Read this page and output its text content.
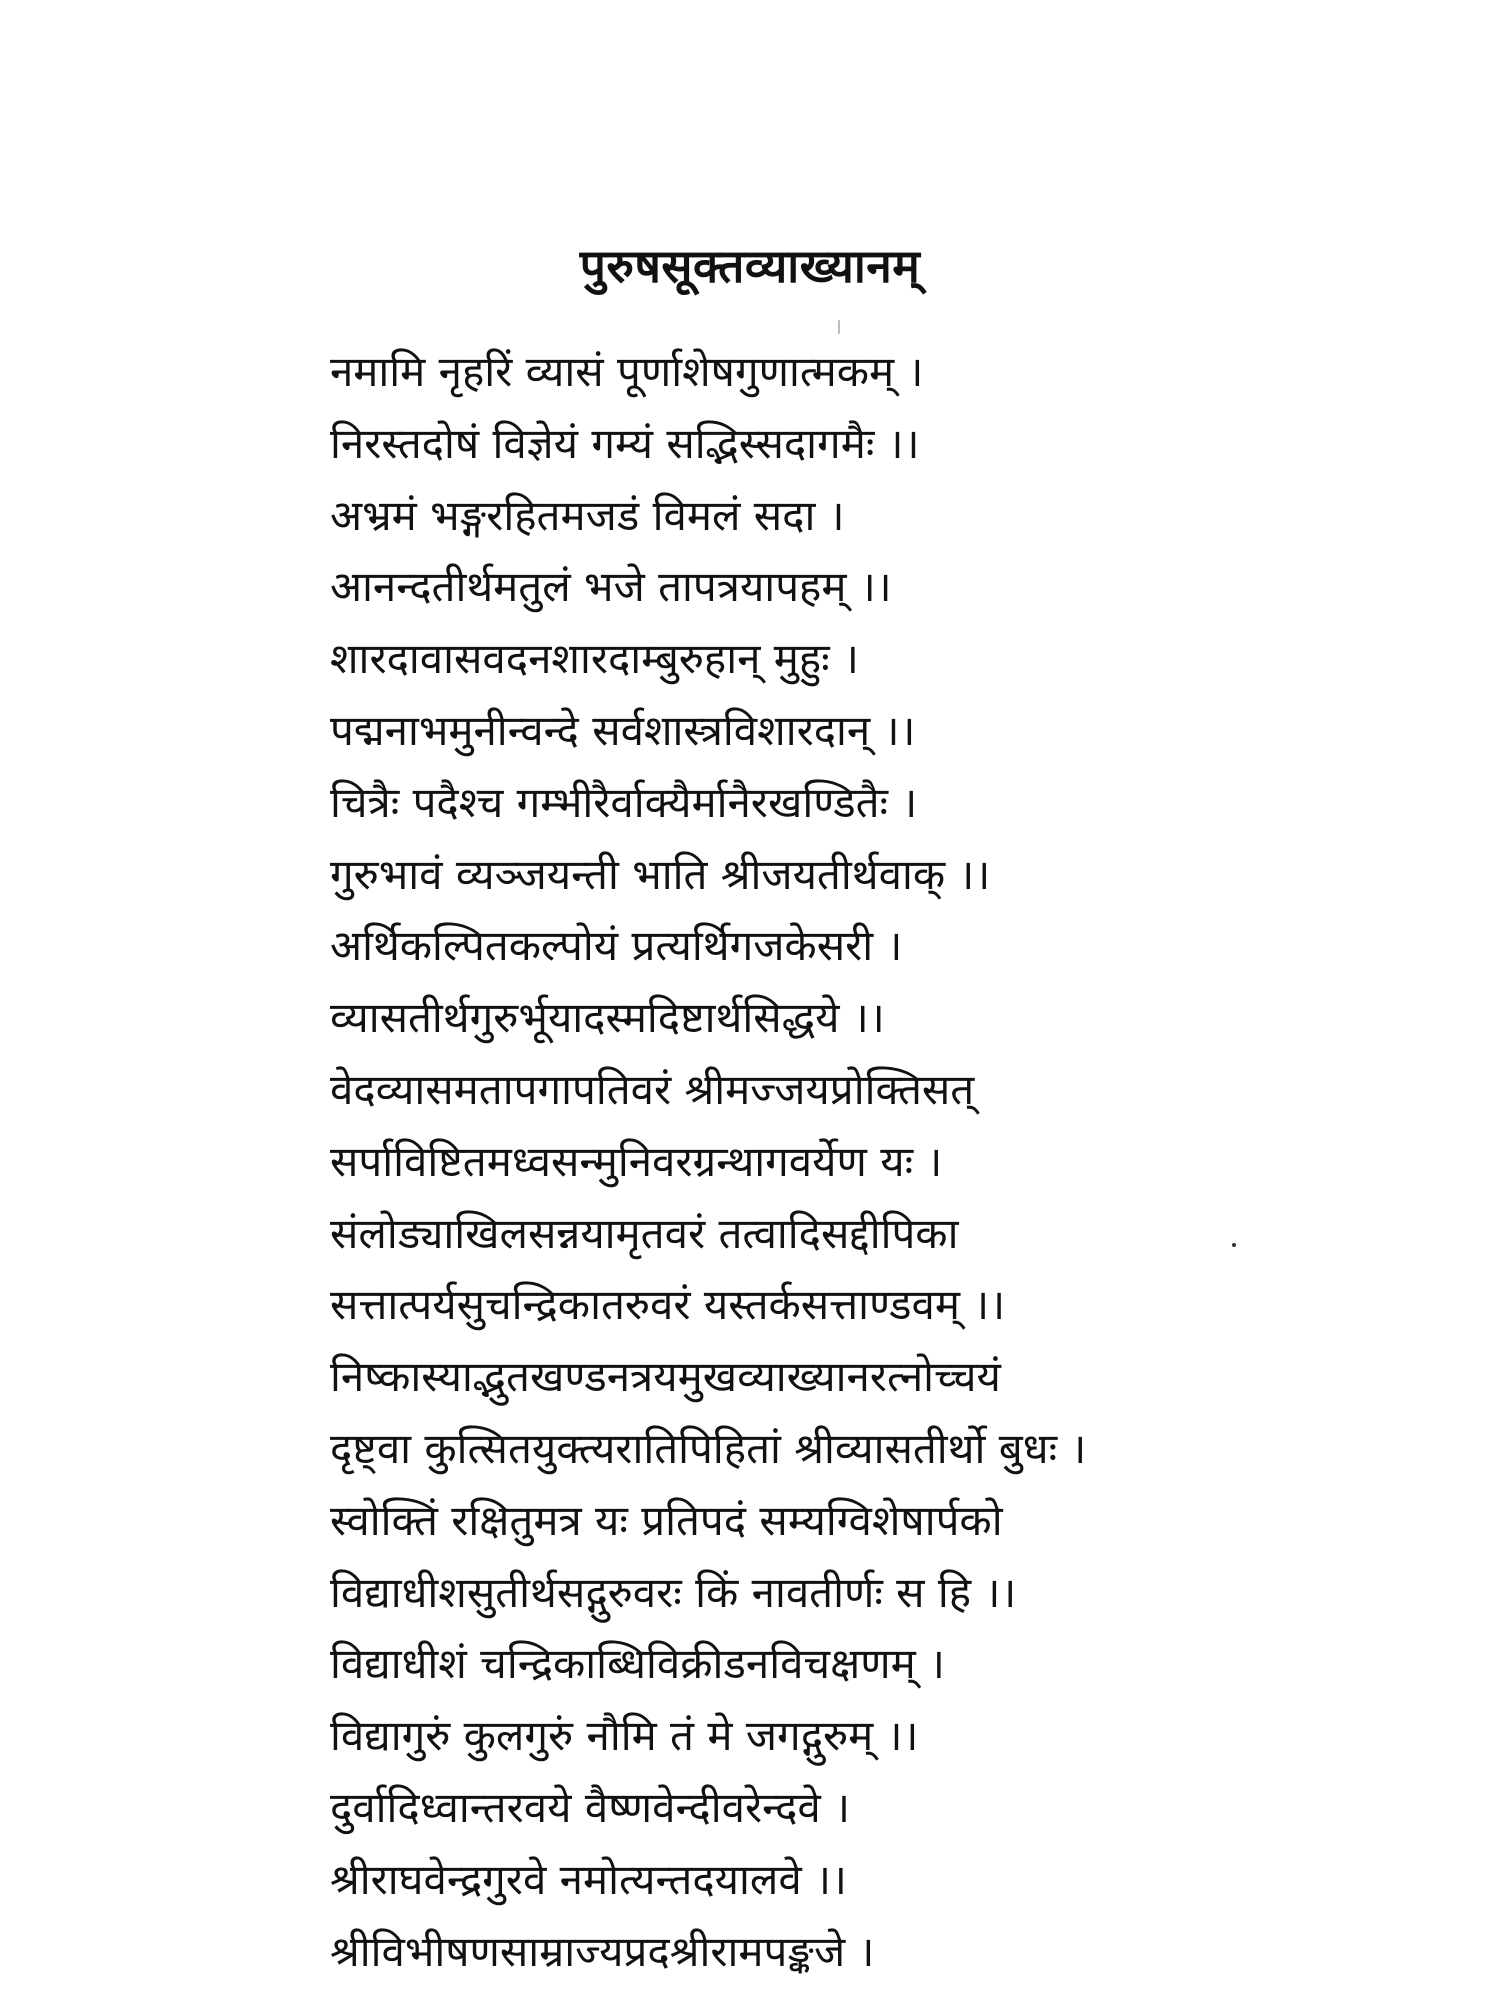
पुरुषसूक्तव्याख्यानम्
नमामि नृहरिं व्यासं पूर्णाशेषगुणात्मकम् ।
निरस्तदोषं विज्ञेयं गम्यं सद्भिस्सदागमैः ।।
अभ्रमं भङ्गरहितमजडं विमलं सदा ।
आनन्दतीर्थमतुलं भजे तापत्रयापहम् ।।
शारदावासवदनशारदाम्बुरुहान् मुहुः ।
पद्मनाभमुनीन्वन्दे सर्वशास्त्रविशारदान् ।।
चित्रैः पदैश्च गम्भीरैर्वाक्यैर्मानैरखण्डितैः ।
गुरुभावं व्यञ्जयन्ती भाति श्रीजयतीर्थवाक् ।।
अर्थिकल्पितकल्पोयं प्रत्यर्थिगजकेसरी ।
व्यासतीर्थगुरुर्भूयादस्मदिष्टार्थसिद्धये ।।
वेदव्यासमतापगापतिवरं श्रीमज्जयप्रोक्तिसत्
सर्पाविष्टितमध्वसन्मुनिवरग्रन्थागवर्येण यः ।
संलोड्याखिलसन्नयामृतवरं तत्वादिसद्दीपिका
सत्तात्पर्यसुचन्द्रिकातरुवरं यस्तर्कसत्ताण्डवम् ।।
निष्कास्याद्भुतखण्डनत्रयमुखव्याख्यानरत्नोच्चयं
दृष्ट्वा कुत्सितयुक्त्यरातिपिहितां श्रीव्यासतीर्थो बुधः ।
स्वोक्तिं रक्षितुमत्र यः प्रतिपदं सम्यग्विशेषार्पको
विद्याधीशसुतीर्थसद्गुरुवरः किं नावतीर्णः स हि ।।
विद्याधीशं चन्द्रिकाब्धिविक्रीडनविचक्षणम् ।
विद्यागुरुं कुलगुरुं नौमि तं मे जगद्गुरुम् ।।
दुर्वादिध्वान्तरवये वैष्णवेन्दीवरेन्दवे ।
श्रीराघवेन्द्रगुरवे नमोत्यन्तदयालवे ।।
श्रीविभीषणसाम्राज्यप्रदश्रीरामपङ्कजे ।
